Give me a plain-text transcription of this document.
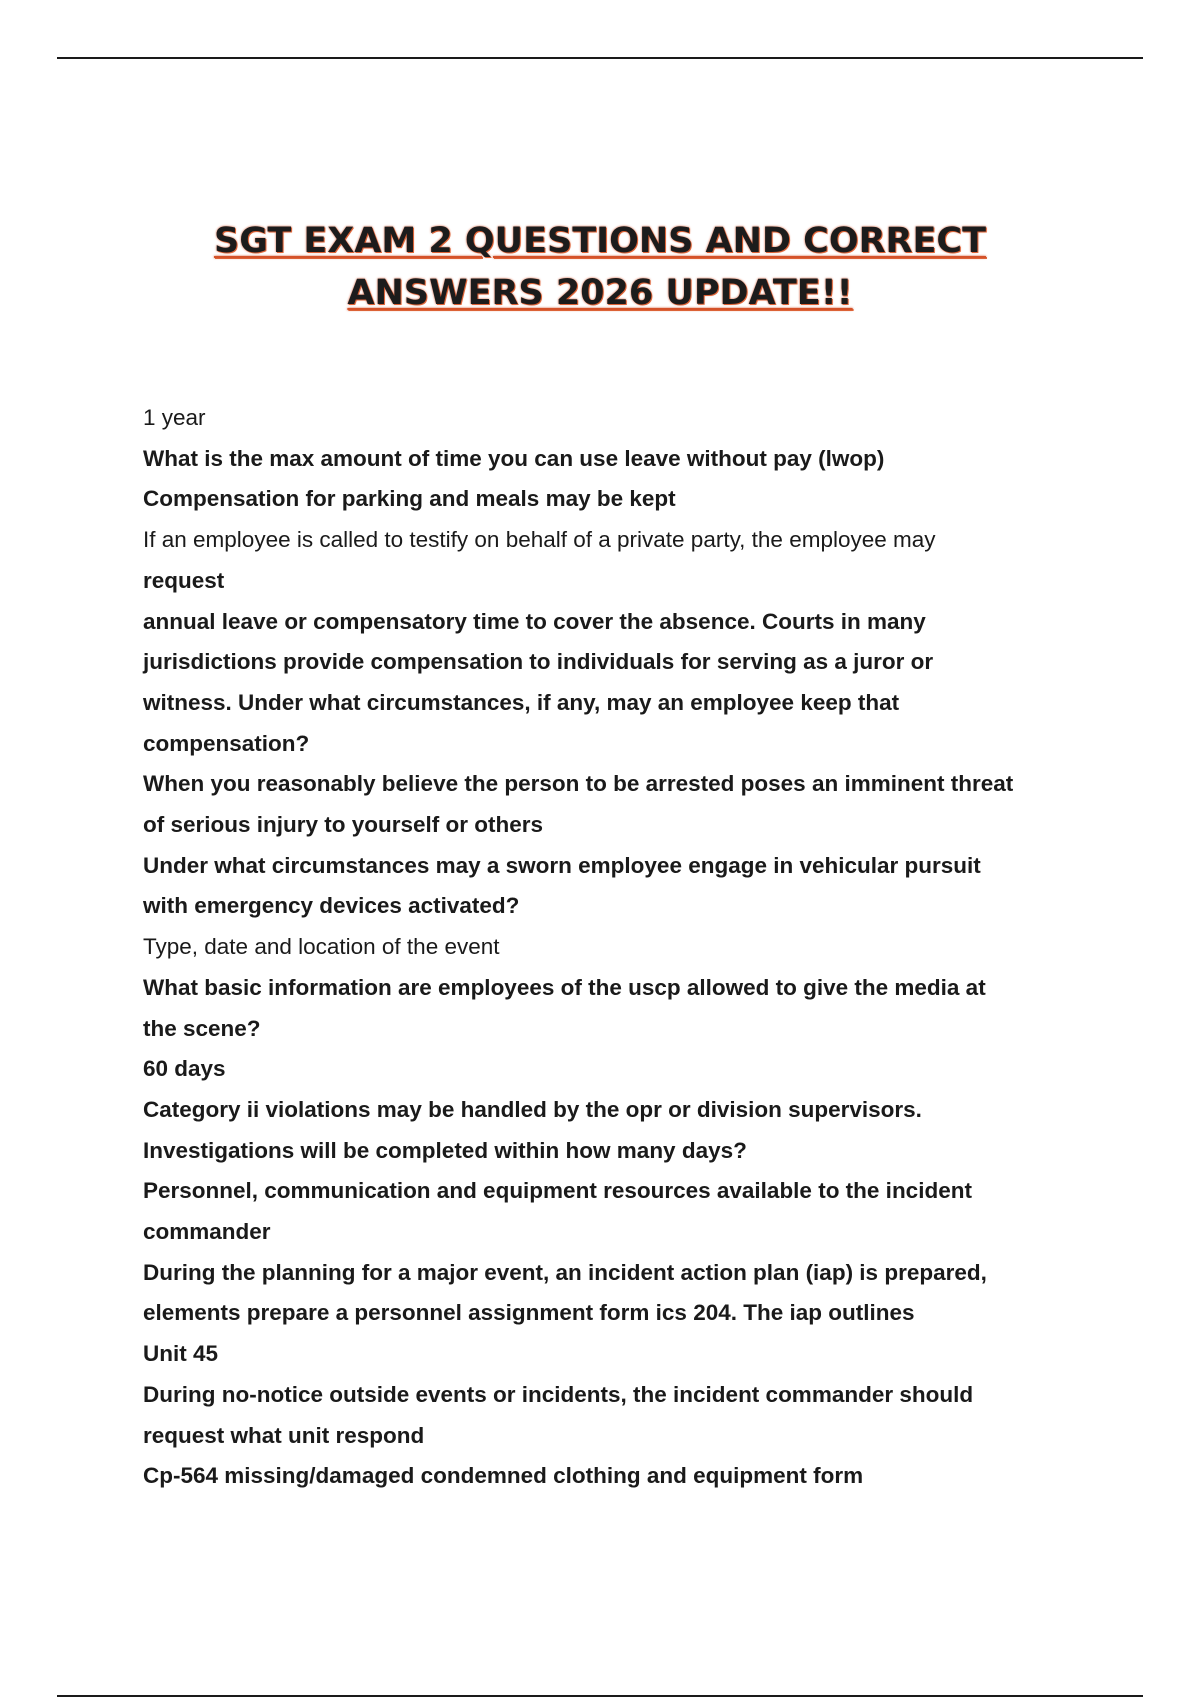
SGT EXAM 2 QUESTIONS AND CORRECT
ANSWERS 2026 UPDATE!!
1 year
What is the max amount of time you can use leave without pay (lwop)
Compensation for parking and meals may be kept
If an employee is called to testify on behalf of a private party, the employee may
request
annual leave or compensatory time to cover the absence. Courts in many
jurisdictions provide compensation to individuals for serving as a juror or
witness. Under what circumstances, if any, may an employee keep that
compensation?
When you reasonably believe the person to be arrested poses an imminent threat
of serious injury to yourself or others
Under what circumstances may a sworn employee engage in vehicular pursuit
with emergency devices activated?
Type, date and location of the event
What basic information are employees of the uscp allowed to give the media at
the scene?
60 days
Category ii violations may be handled by the opr or division supervisors.
Investigations will be completed within how many days?
Personnel, communication and equipment resources available to the incident
commander
During the planning for a major event, an incident action plan (iap) is prepared,
elements prepare a personnel assignment form ics 204. The iap outlines
Unit 45
During no-notice outside events or incidents, the incident commander should
request what unit respond
Cp-564 missing/damaged condemned clothing and equipment form
